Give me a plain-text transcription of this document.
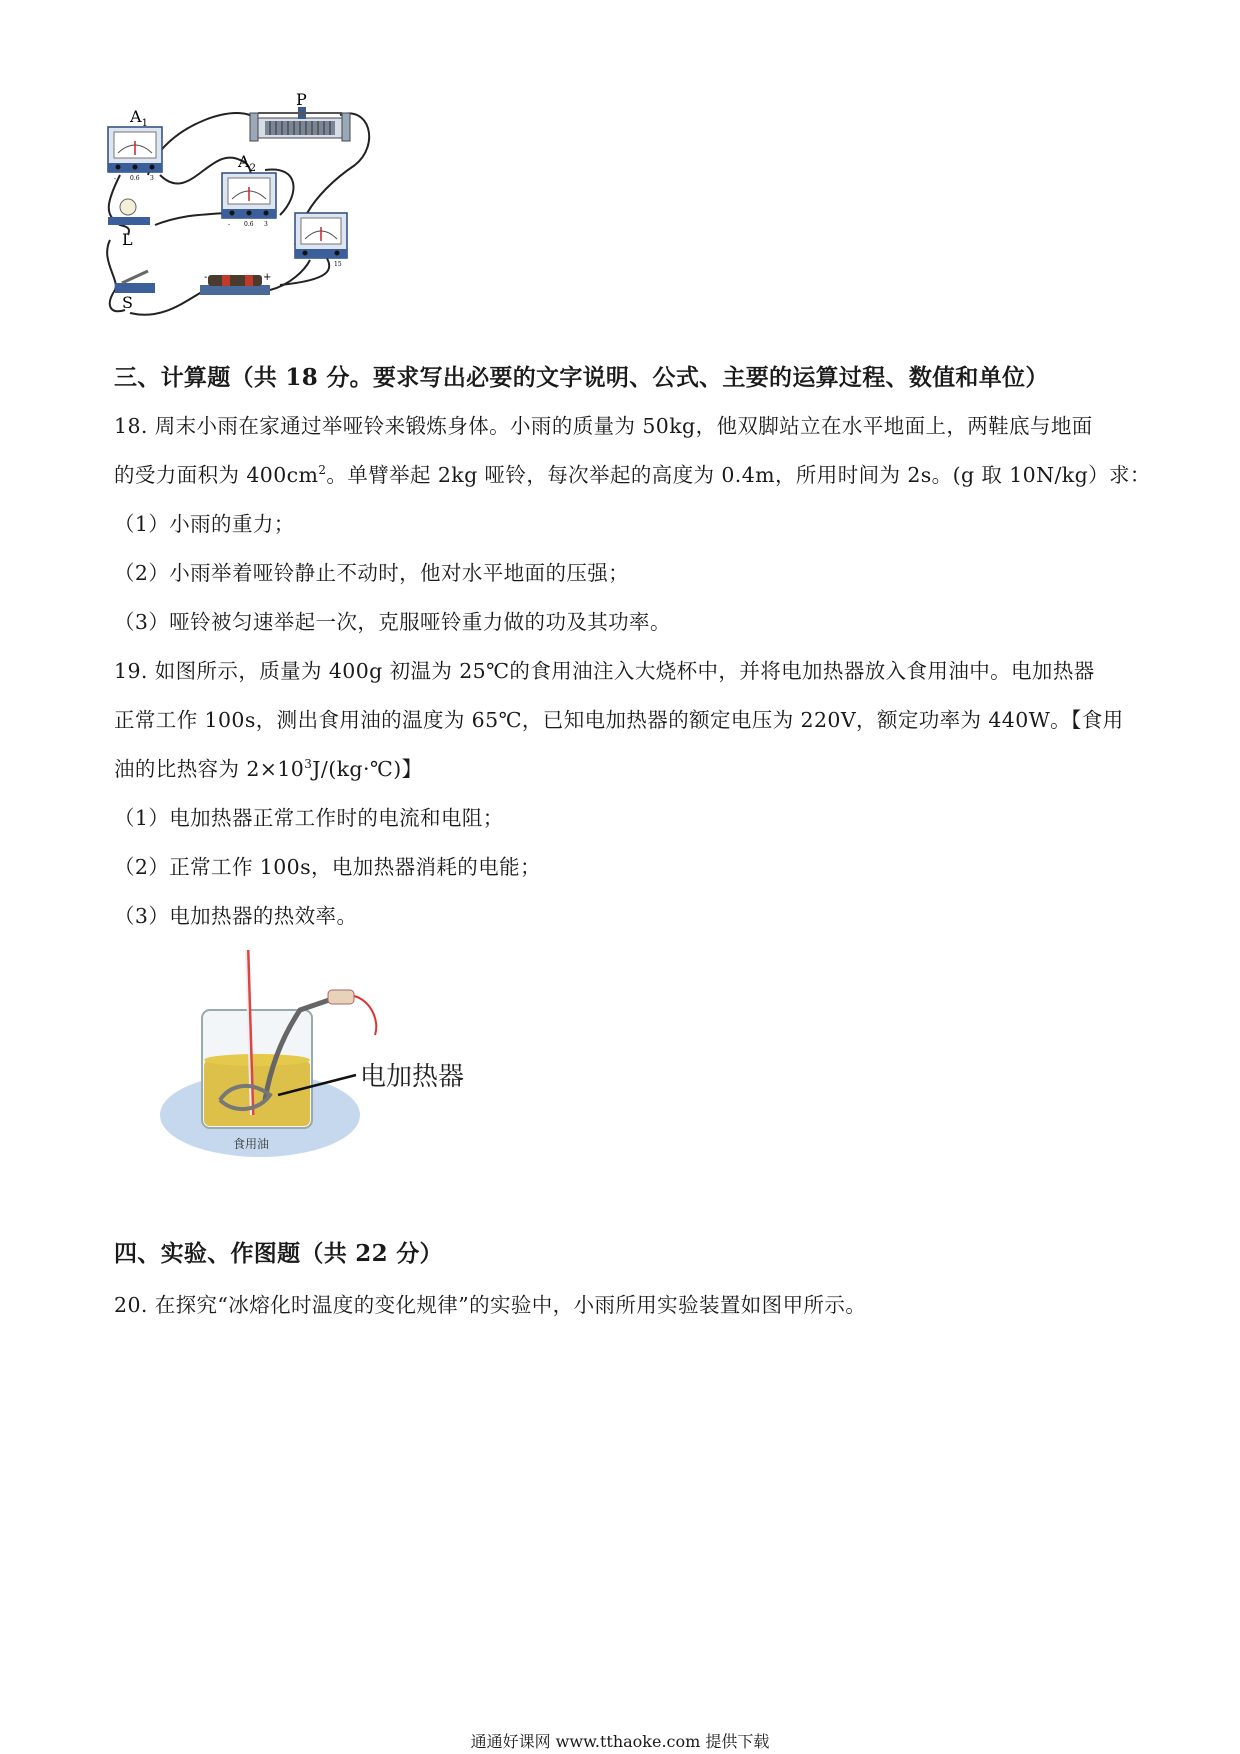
$A_1$
P
$A_2$
L
S
-	+
- 0.6 3
- 0.6 3
15
三、计算题（共 18 分。要求写出必要的文字说明、公式、主要的运算过程、数值和单位）
18. 周末小雨在家通过举哑铃来锻炼身体。小雨的质量为 50kg，他双脚站立在水平地面上，两鞋底与地面
的受力面积为 $400cm^2$。单臂举起 2kg 哑铃，每次举起的高度为 0.4m，所用时间为 2s。(g 取 10N/kg）求：
（1）小雨的重力；
（2）小雨举着哑铃静止不动时，他对水平地面的压强；
（3）哑铃被匀速举起一次，克服哑铃重力做的功及其功率。
19. 如图所示，质量为 400g 初温为 25℃的食用油注入大烧杯中，并将电加热器放入食用油中。电加热器
正常工作 100s，测出食用油的温度为 65℃，已知电加热器的额定电压为 220V，额定功率为 440W。【食用
油的比热容为 $2\times 10^3J/(kg\cdot℃)$】
（1）电加热器正常工作时的电流和电阻；
（2）正常工作 100s，电加热器消耗的电能；
（3）电加热器的热效率。
电加热器
食用油
四、实验、作图题（共 22 分）
20. 在探究“冰熔化时温度的变化规律”的实验中，小雨所用实验装置如图甲所示。
通通好课网 www.tthaoke.com 提供下载
